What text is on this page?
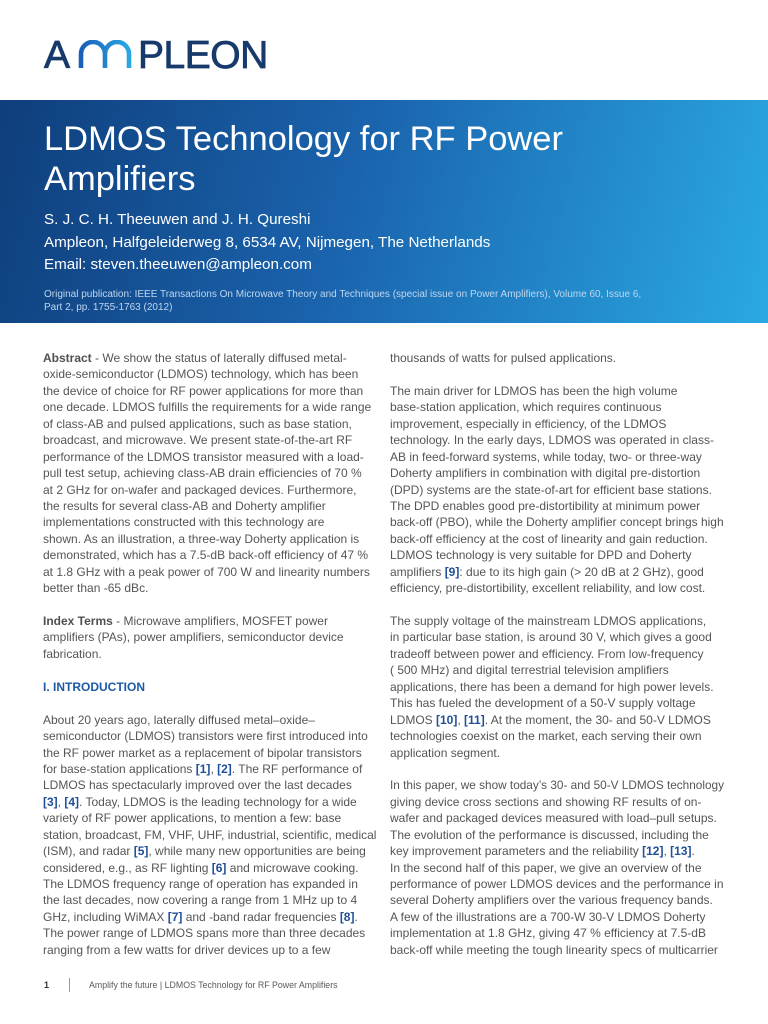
A PLEON
LDMOS Technology for RF Power Amplifiers
S. J. C. H. Theeuwen and J. H. Qureshi
Ampleon, Halfgeleiderweg 8, 6534 AV, Nijmegen, The Netherlands
Email: steven.theeuwen@ampleon.com
Original publication: IEEE Transactions On Microwave Theory and Techniques (special issue on Power Amplifiers), Volume 60, Issue 6,
Part 2, pp. 1755-1763 (2012)
Abstract - We show the status of laterally diffused metal-
oxide-semiconductor (LDMOS) technology, which has been
the device of choice for RF power applications for more than
one decade. LDMOS fulfills the requirements for a wide range
of class-AB and pulsed applications, such as base station,
broadcast, and microwave. We present state-of-the-art RF
performance of the LDMOS transistor measured with a load-
pull test setup, achieving class-AB drain efficiencies of 70 %
at 2 GHz for on-wafer and packaged devices. Furthermore,
the results for several class-AB and Doherty amplifier
implementations constructed with this technology are
shown. As an illustration, a three-way Doherty application is
demonstrated, which has a 7.5-dB back-off efficiency of 47 %
at 1.8 GHz with a peak power of 700 W and linearity numbers
better than -65 dBc.
Index Terms - Microwave amplifiers, MOSFET power
amplifiers (PAs), power amplifiers, semiconductor device
fabrication.
I. INTRODUCTION
About 20 years ago, laterally diffused metal–oxide–
semiconductor (LDMOS) transistors were first introduced into
the RF power market as a replacement of bipolar transistors
for base-station applications [1], [2]. The RF performance of
LDMOS has spectacularly improved over the last decades
[3], [4]. Today, LDMOS is the leading technology for a wide
variety of RF power applications, to mention a few: base
station, broadcast, FM, VHF, UHF, industrial, scientific, medical
(ISM), and radar [5], while many new opportunities are being
considered, e.g., as RF lighting [6] and microwave cooking.
The LDMOS frequency range of operation has expanded in
the last decades, now covering a range from 1 MHz up to 4
GHz, including WiMAX [7] and -band radar frequencies [8].
The power range of LDMOS spans more than three decades
ranging from a few watts for driver devices up to a few
thousands of watts for pulsed applications.
The main driver for LDMOS has been the high volume
base-station application, which requires continuous
improvement, especially in efficiency, of the LDMOS
technology. In the early days, LDMOS was operated in class-
AB in feed-forward systems, while today, two- or three-way
Doherty amplifiers in combination with digital pre-distortion
(DPD) systems are the state-of-art for efficient base stations.
The DPD enables good pre-distortibility at minimum power
back-off (PBO), while the Doherty amplifier concept brings high
back-off efficiency at the cost of linearity and gain reduction.
LDMOS technology is very suitable for DPD and Doherty
amplifiers [9]: due to its high gain (> 20 dB at 2 GHz), good
efficiency, pre-distortibility, excellent reliability, and low cost.
The supply voltage of the mainstream LDMOS applications,
in particular base station, is around 30 V, which gives a good
tradeoff between power and efficiency. From low-frequency
( 500 MHz) and digital terrestrial television amplifiers
applications, there has been a demand for high power levels.
This has fueled the development of a 50-V supply voltage
LDMOS [10], [11]. At the moment, the 30- and 50-V LDMOS
technologies coexist on the market, each serving their own
application segment.
In this paper, we show today’s 30- and 50-V LDMOS technology
giving device cross sections and showing RF results of on-
wafer and packaged devices measured with load–pull setups.
The evolution of the performance is discussed, including the
key improvement parameters and the reliability [12], [13].
In the second half of this paper, we give an overview of the
performance of power LDMOS devices and the performance in
several Doherty amplifiers over the various frequency bands.
A few of the illustrations are a 700-W 30-V LDMOS Doherty
implementation at 1.8 GHz, giving 47 % efficiency at 7.5-dB
back-off while meeting the tough linearity specs of multicarrier
1	Amplify the future | LDMOS Technology for RF Power Amplifiers
